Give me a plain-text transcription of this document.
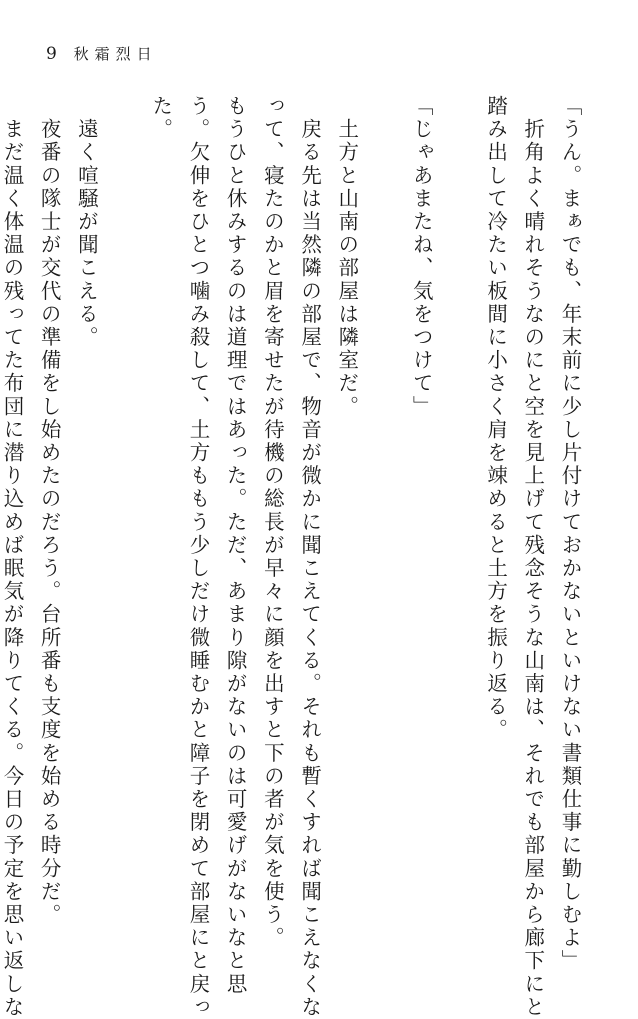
9 秋霜烈日
「うん。まぁでも、年末前に少し片付けておかないといけない書類仕事に勤しむよ」
　折角よく晴れそうなのにと空を見上げて残念そうな山南は、それでも部屋から廊下にと
踏み出して冷たい板間に小さく肩を竦めると土方を振り返る。

「じゃあまたね、気をつけて」

　土方と山南の部屋は隣室だ。
　戻る先は当然隣の部屋で、物音が微かに聞こえてくる。それも暫くすれば聞こえなくな
って、寝たのかと眉を寄せたが待機の総長が早々に顔を出すと下の者が気を使う。
もうひと休みするのは道理ではあった。ただ、あまり隙がないのは可愛げがないなと思
う。欠伸をひとつ噛み殺して、土方ももう少しだけ微睡むかと障子を閉めて部屋にと戻っ
た。

　遠く喧騒が聞こえる。
　夜番の隊士が交代の準備をし始めたのだろう。台所番も支度を始める時分だ。
　まだ温く体温の残ってた布団に潜り込めば眠気が降りてくる。今日の予定を思い返しな
